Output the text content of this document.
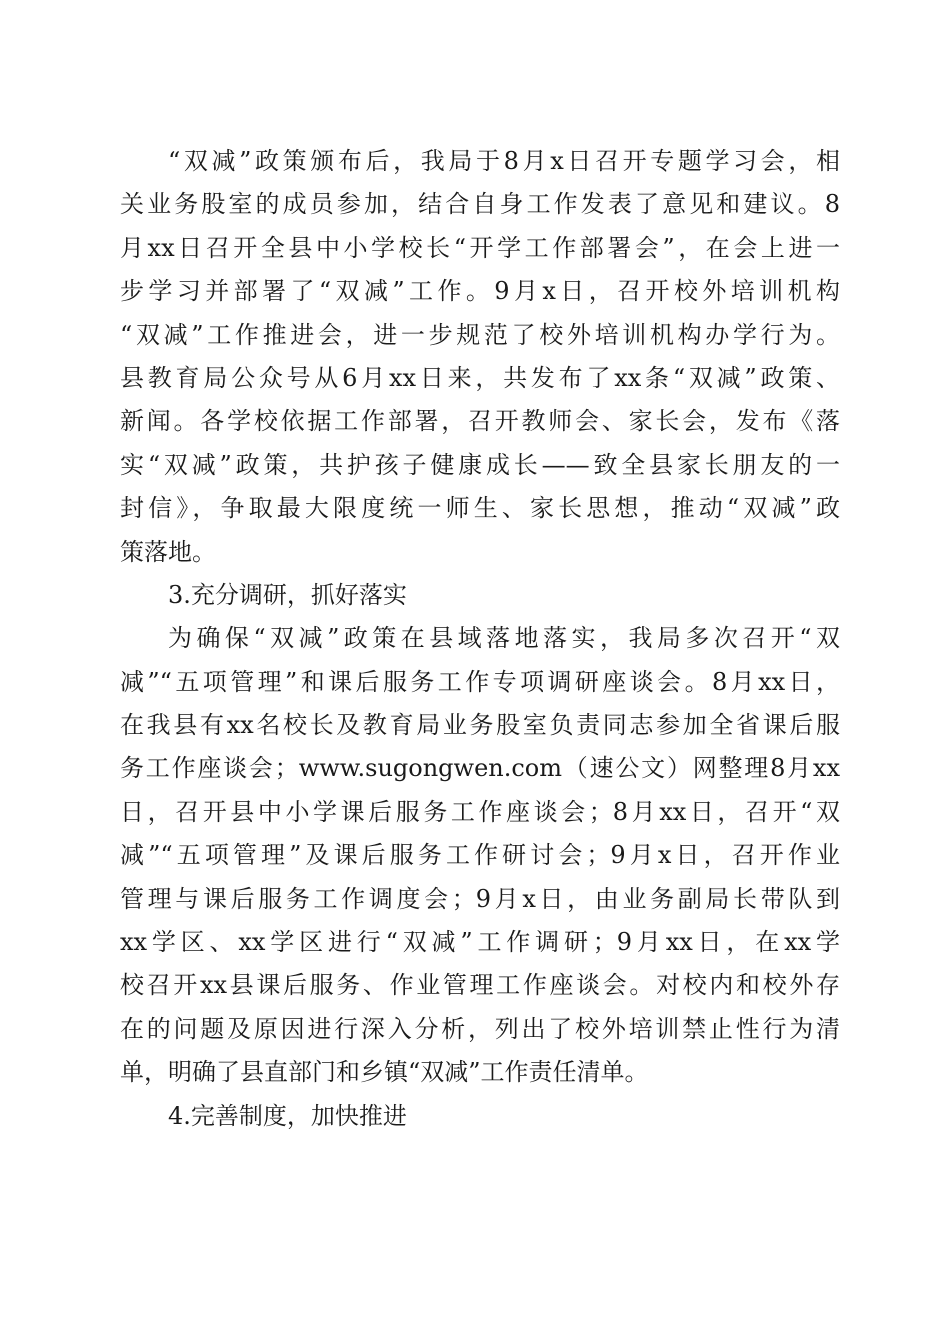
“双减”政策颁布后，我局于8月x日召开专题学习会，相

关业务股室的成员参加，结合自身工作发表了意见和建议。8

月xx日召开全县中小学校长“开学工作部署会”，在会上进一

步学习并部署了“双减”工作。9月x日，召开校外培训机构

“双减”工作推进会，进一步规范了校外培训机构办学行为。

县教育局公众号从6月xx日来，共发布了xx条“双减”政策、

新闻。各学校依据工作部署，召开教师会、家长会，发布《落

实“双减”政策，共护孩子健康成长——致全县家长朋友的一

封信》，争取最大限度统一师生、家长思想，推动“双减”政

策落地。

3.充分调研，抓好落实

为确保“双减”政策在县域落地落实，我局多次召开“双

减”“五项管理”和课后服务工作专项调研座谈会。8月xx日，

在我县有xx名校长及教育局业务股室负责同志参加全省课后服

务工作座谈会；www.sugongwen.com（速公文）网整理8月xx

日，召开县中小学课后服务工作座谈会；8月xx日，召开“双

减”“五项管理”及课后服务工作研讨会；9月x日，召开作业

管理与课后服务工作调度会；9月x日，由业务副局长带队到

xx学区、xx学区进行“双减”工作调研；9月xx日，在xx学

校召开xx县课后服务、作业管理工作座谈会。对校内和校外存

在的问题及原因进行深入分析，列出了校外培训禁止性行为清

单，明确了县直部门和乡镇“双减”工作责任清单。

4.完善制度，加快推进
